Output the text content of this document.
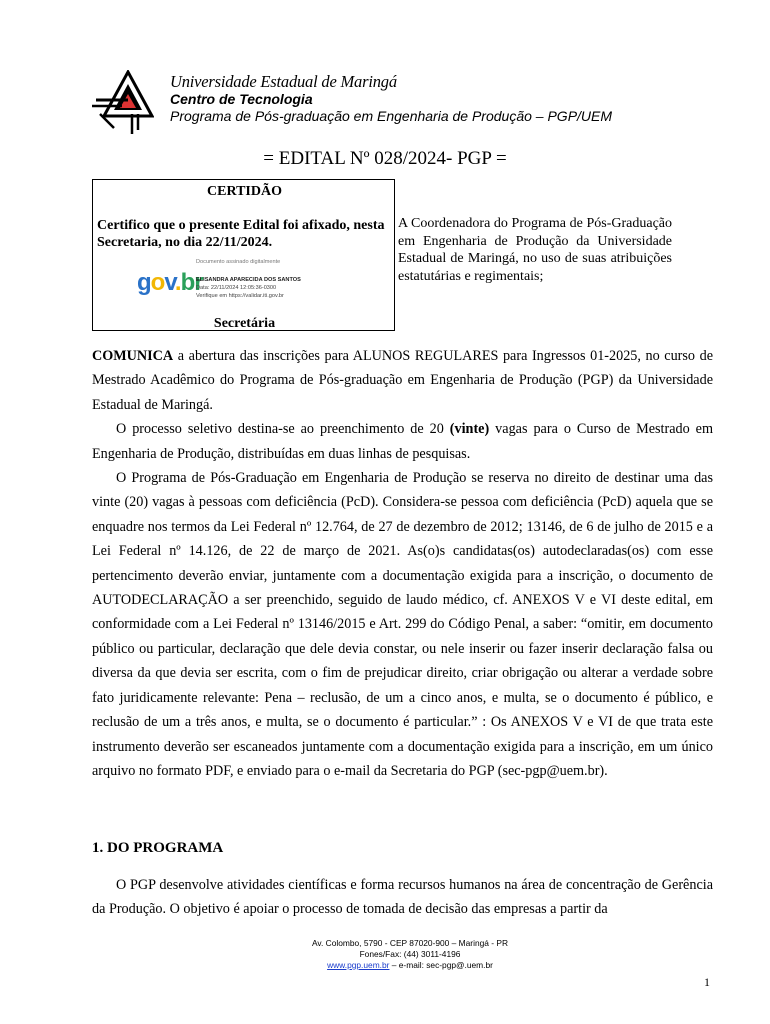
Universidade Estadual de Maringá
Centro de Tecnologia
Programa de Pós-graduação em Engenharia de Produção – PGP/UEM
= EDITAL Nº 028/2024- PGP =
CERTIDÃO
Certifico que o presente Edital foi afixado, nesta Secretaria, no dia 22/11/2024.
gov.br
Documento assinado digitalmente
ELISANDRA APARECIDA DOS SANTOS
Data: 22/11/2024 12:05:36-0300
Verifique em https://validar.iti.gov.br
Secretária
A Coordenadora do Programa de Pós-Graduação em Engenharia de Produção da Universidade Estadual de Maringá, no uso de suas atribuições estatutárias e regimentais;

COMUNICA a abertura das inscrições para ALUNOS REGULARES para Ingressos 01-2025, no curso de Mestrado Acadêmico do Programa de Pós-graduação em Engenharia de Produção (PGP) da Universidade Estadual de Maringá.

O processo seletivo destina-se ao preenchimento de 20 (vinte) vagas para o Curso de Mestrado em Engenharia de Produção, distribuídas em duas linhas de pesquisas.

O Programa de Pós-Graduação em Engenharia de Produção se reserva no direito de destinar uma das vinte (20) vagas à pessoas com deficiência (PcD). Considera-se pessoa com deficiência (PcD) aquela que se enquadre nos termos da Lei Federal nº 12.764, de 27 de dezembro de 2012; 13146, de 6 de julho de 2015 e a Lei Federal nº 14.126, de 22 de março de 2021. As(o)s candidatas(os) autodeclaradas(os) com esse pertencimento deverão enviar, juntamente com a documentação exigida para a inscrição, o documento de AUTODECLARAÇÃO a ser preenchido, seguido de laudo médico, cf. ANEXOS V e VI deste edital, em conformidade com a Lei Federal nº 13146/2015 e Art. 299 do Código Penal, a saber: “omitir, em documento público ou particular, declaração que dele devia constar, ou nele inserir ou fazer inserir declaração falsa ou diversa da que devia ser escrita, com o fim de prejudicar direito, criar obrigação ou alterar a verdade sobre fato juridicamente relevante: Pena – reclusão, de um a cinco anos, e multa, se o documento é público, e reclusão de um a três anos, e multa, se o documento é particular.” : Os ANEXOS V e VI de que trata este instrumento deverão ser escaneados juntamente com a documentação exigida para a inscrição, em um único arquivo no formato PDF, e enviado para o e-mail da Secretaria do PGP (sec-pgp@uem.br).

1. DO PROGRAMA

O PGP desenvolve atividades científicas e forma recursos humanos na área de concentração de Gerência da Produção. O objetivo é apoiar o processo de tomada de decisão das empresas a partir da

Av. Colombo, 5790 - CEP 87020-900 – Maringá - PR
Fones/Fax: (44) 3011-4196
www.pgp.uem.br – e-mail: sec-pgp@.uem.br
1
